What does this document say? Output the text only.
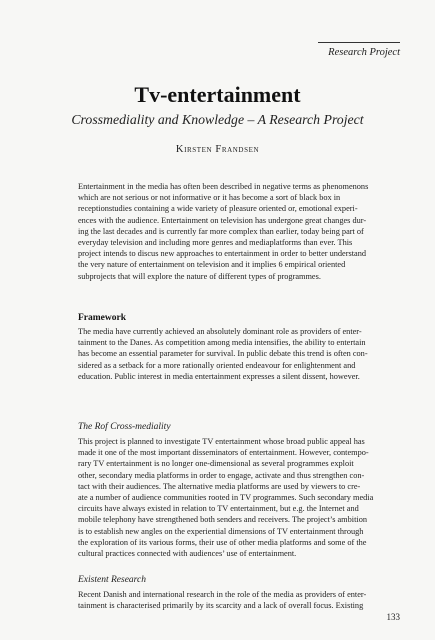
Research Project
Tv-entertainment
Crossmediality and Knowledge – A Research Project
Kirsten Frandsen
Entertainment in the media has often been described in negative terms as phenomenons
which are not serious or not informative or it has become a sort of black box in
receptionstudies containing a wide variety of pleasure oriented or, emotional experi-
ences with the audience. Entertainment on television has undergone great changes dur-
ing the last decades and is currently far more complex than earlier, today being part of
everyday television and including more genres and mediaplatforms than ever. This
project intends to discus new approaches to entertainment in order to better understand
the very nature of entertainment on television and it implies 6 empirical oriented
subprojects that will explore the nature of different types of programmes.
Framework
The media have currently achieved an absolutely dominant role as providers of enter-
tainment to the Danes. As competition among media intensifies, the ability to entertain
has become an essential parameter for survival. In public debate this trend is often con-
sidered as a setback for a more rationally oriented endeavour for enlightenment and
education. Public interest in media entertainment expresses a silent dissent, however.
The Rof Cross-mediality
This project is planned to investigate TV entertainment whose broad public appeal has
made it one of the most important disseminators of entertainment. However, contempo-
rary TV entertainment is no longer one-dimensional as several programmes exploit
other, secondary media platforms in order to engage, activate and thus strengthen con-
tact with their audiences. The alternative media platforms are used by viewers to cre-
ate a number of audience communities rooted in TV programmes. Such secondary media
circuits have always existed in relation to TV entertainment, but e.g. the Internet and
mobile telephony have strengthened both senders and receivers. The project’s ambition
is to establish new angles on the experiential dimensions of TV entertainment through
the exploration of its various forms, their use of other media platforms and some of the
cultural practices connected with audiences’ use of entertainment.
Existent Research
Recent Danish and international research in the role of the media as providers of enter-
tainment is characterised primarily by its scarcity and a lack of overall focus. Existing
133
